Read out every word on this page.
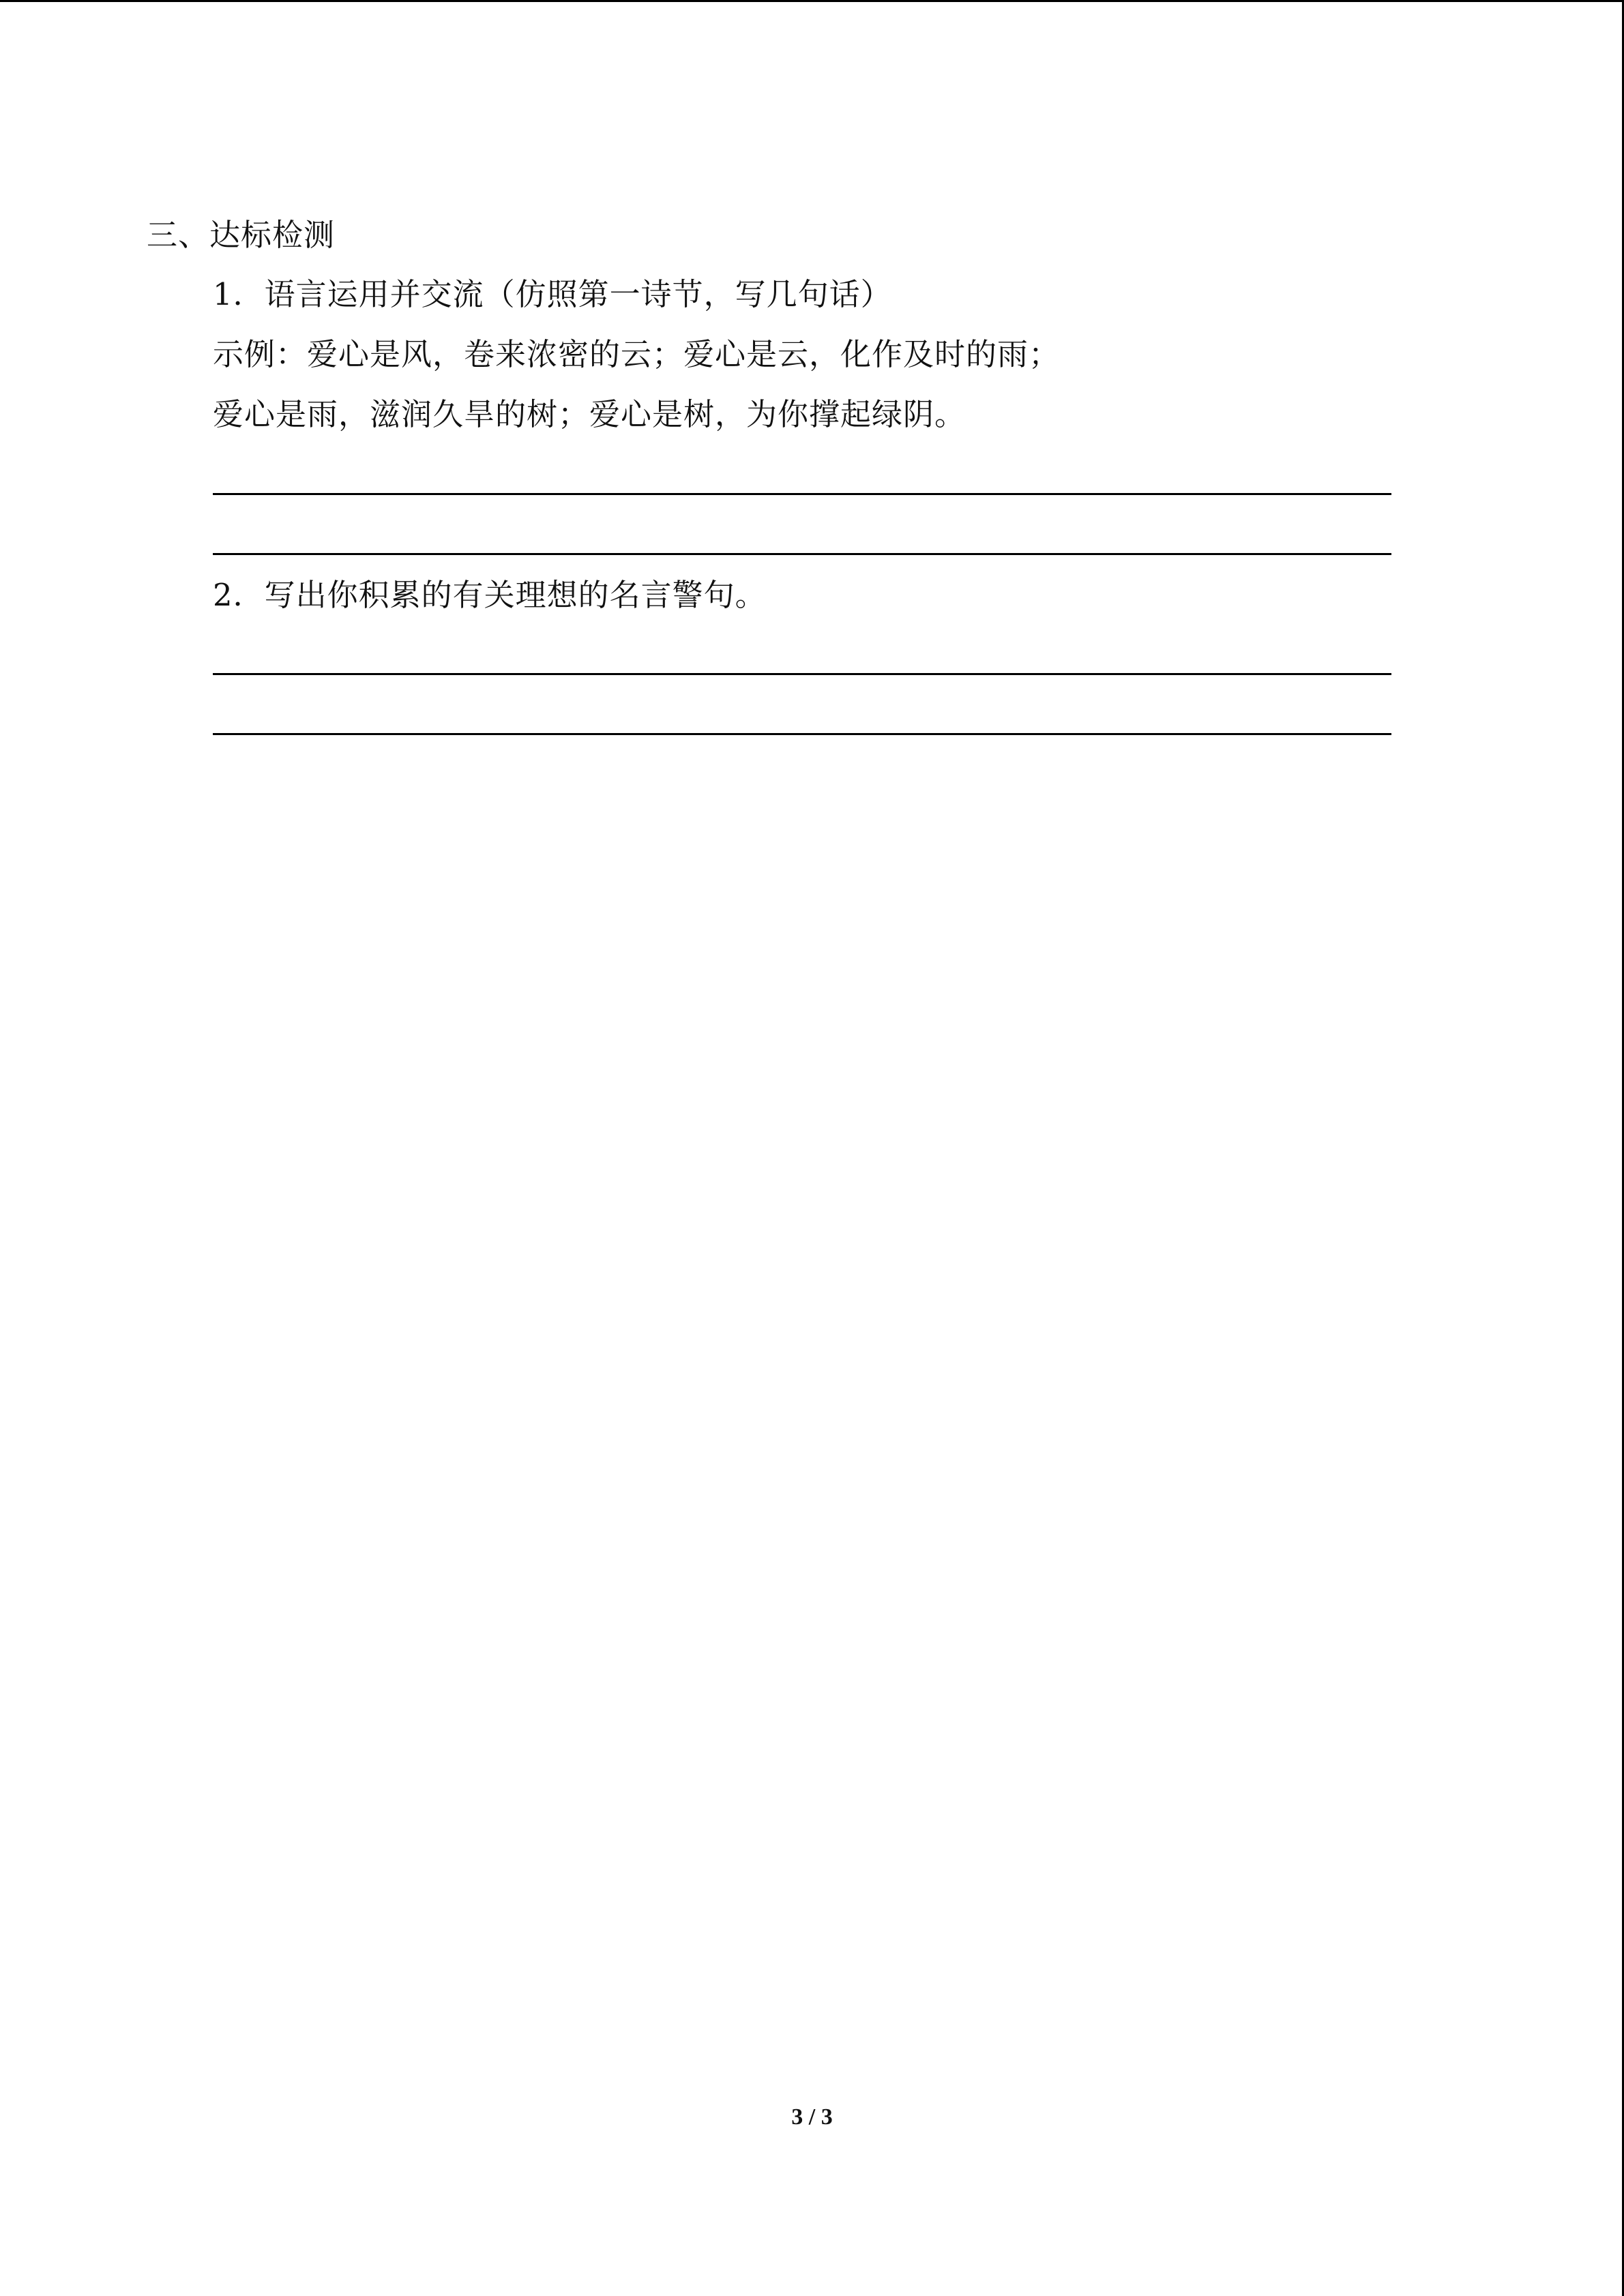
三、达标检测
1．语言运用并交流（仿照第一诗节，写几句话）
示例：爱心是风，卷来浓密的云；爱心是云，化作及时的雨；
爱心是雨，滋润久旱的树；爱心是树，为你撑起绿阴。
2．写出你积累的有关理想的名言警句。
3 / 3
